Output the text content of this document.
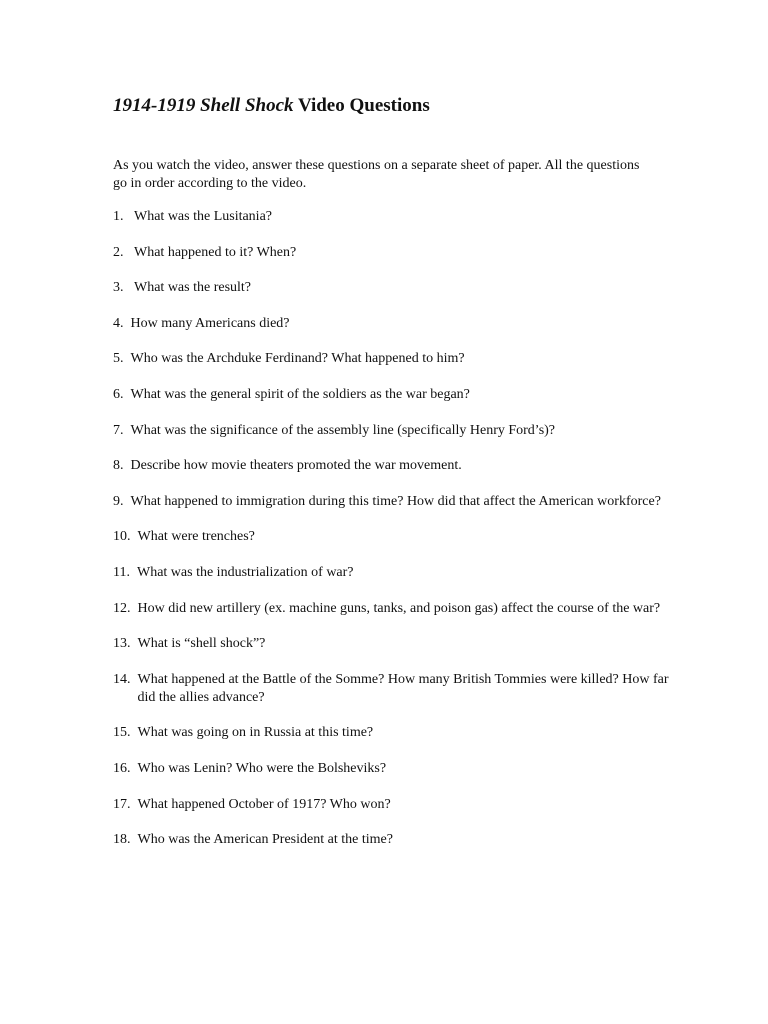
1914-1919 Shell Shock Video Questions

As you watch the video, answer these questions on a separate sheet of paper. All the questions go in order according to the video.

1. What was the Lusitania?
2. What happened to it? When?
3. What was the result?
4. How many Americans died?
5. Who was the Archduke Ferdinand? What happened to him?
6. What was the general spirit of the soldiers as the war began?
7. What was the significance of the assembly line (specifically Henry Ford’s)?
8. Describe how movie theaters promoted the war movement.
9. What happened to immigration during this time? How did that affect the American workforce?
10. What were trenches?
11. What was the industrialization of war?
12. How did new artillery (ex. machine guns, tanks, and poison gas) affect the course of the war?
13. What is “shell shock”?
14. What happened at the Battle of the Somme? How many British Tommies were killed? How far did the allies advance?
15. What was going on in Russia at this time?
16. Who was Lenin? Who were the Bolsheviks?
17. What happened October of 1917? Who won?
18. Who was the American President at the time?
